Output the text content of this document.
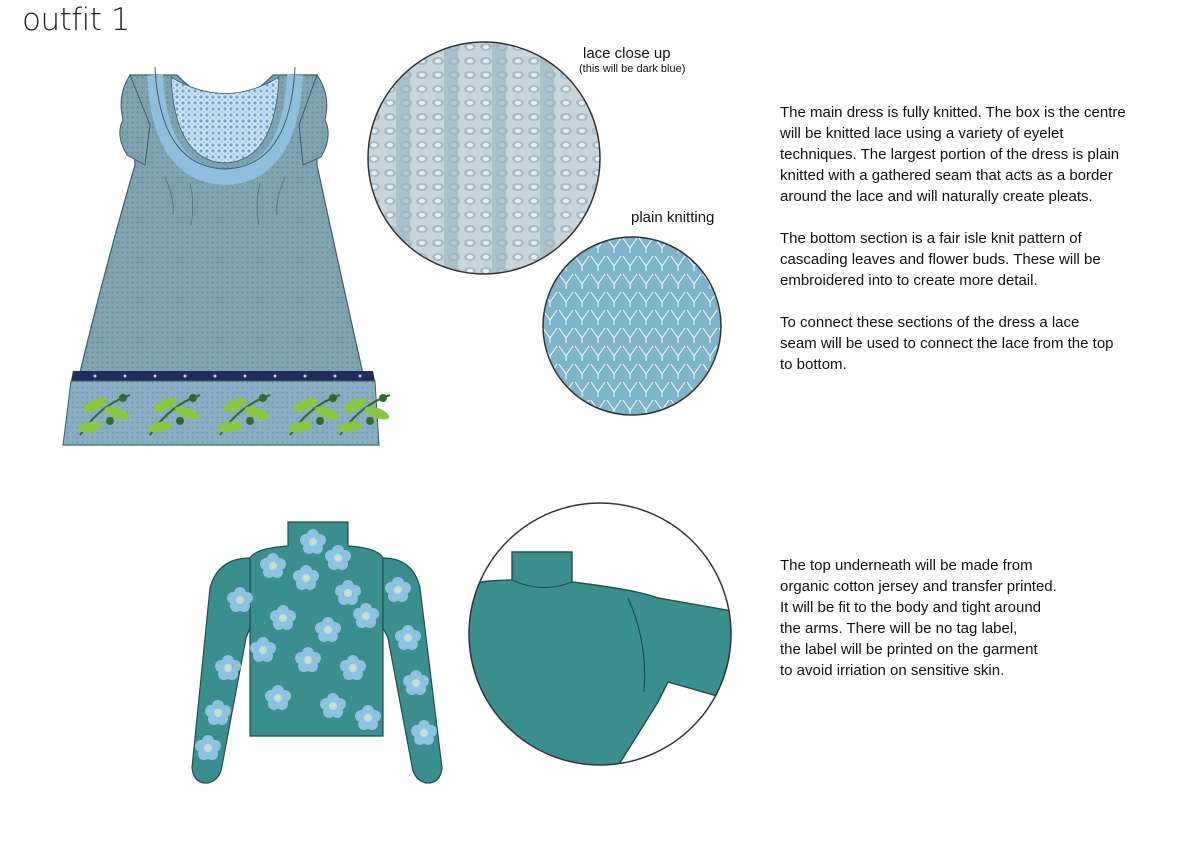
outfit 1
lace close up
(this will be dark blue)
plain knitting

The main dress is fully knitted. The box is the centre
will be knitted lace using a variety of eyelet
techniques. The largest portion of the dress is plain
knitted with a gathered seam that acts as a border
around the lace and will naturally create pleats.

The bottom section is a fair isle knit pattern of
cascading leaves and flower buds. These will be
embroidered into to create more detail.

To connect these sections of the dress a lace
seam will be used to connect the lace from the top
to bottom.

The top underneath will be made from
organic cotton jersey and transfer printed.
It will be fit to the body and tight around
the arms. There will be no tag label,
the label will be printed on the garment
to avoid irriation on sensitive skin.
